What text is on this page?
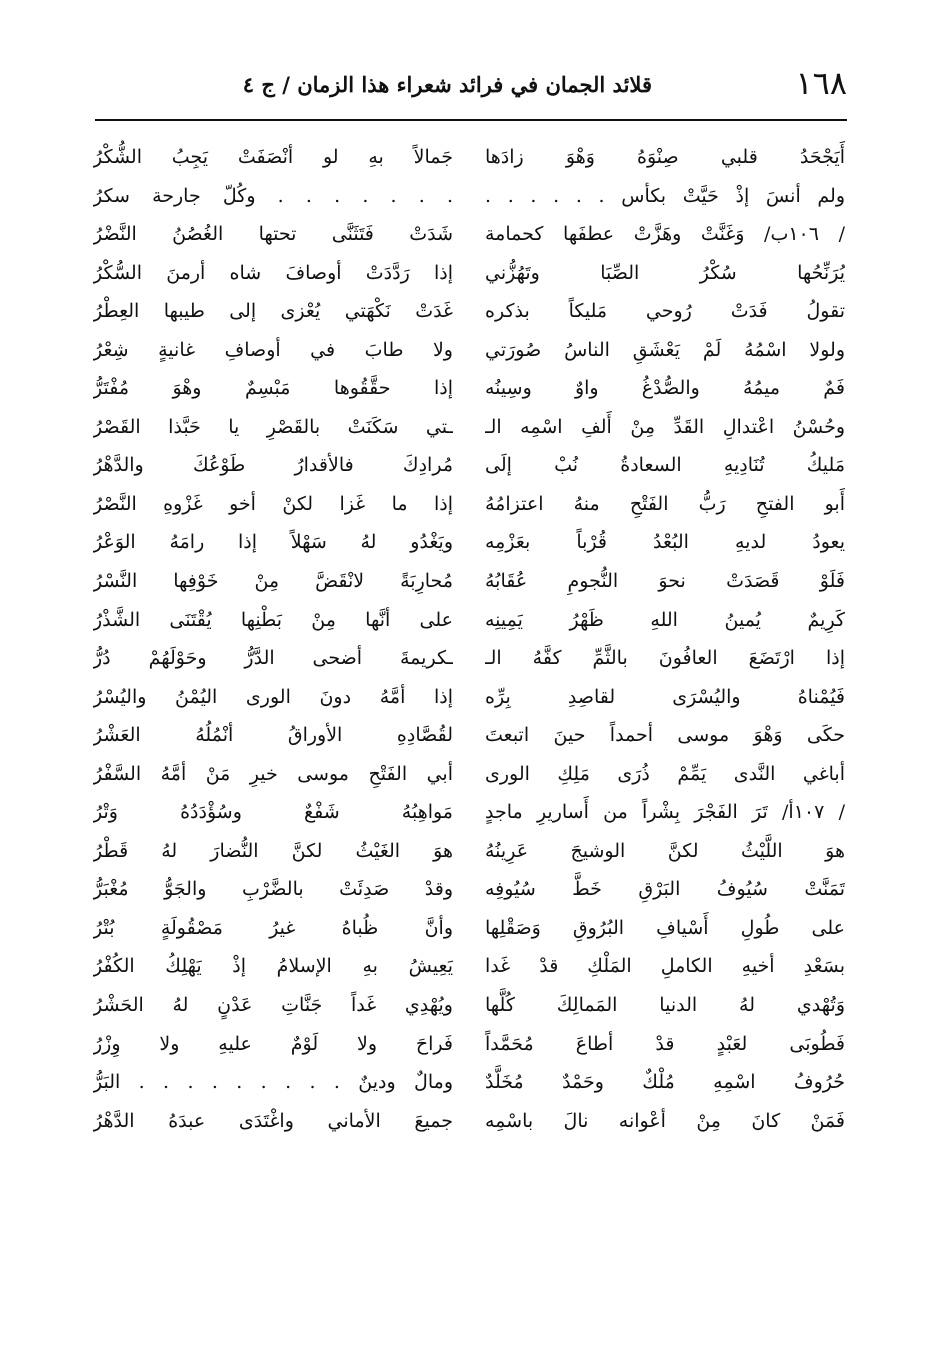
١٦٨
قلائد الجمان في فرائد شعراء هذا الزمان / ج ٤
أَيَجْحَدُ قلبي صِنْوَهُ وَهْوَ زادَها
ولم أنسَ إذْ حَيَّتْ بكأس . . . . . .
/ ١٠٦ب/ وَغَنَّتْ وهَزَّتْ عطفَها كحمامة
يُرَنِّحُها سُكْرُ الصِّبَا وتَهُزُّني
تقولُ فَدَتْ رُوحي مَليكاً بذكره
ولولا اسْمُهُ لَمْ يَعْشَقِ الناسُ صُورَتي
فَمٌ ميمُهُ والصُّدْغُ واوٌ وسِينُه
وحُسْنُ اعْتدالِ القَدِّ مِنْ أَلفِ اسْمِه الـ
مَليكُ تُنَادِيهِ السعادةُ نُبْ إلَى
أَبو الفتحِ رَبُّ الفَتْحِ منهُ اعتزامُهُ
يعودُ لديهِ البُعْدُ قُرْباً بعَزْمِه
فَلَوْ قَصَدَتْ نحوَ النُّجومِ عُقَابُهُ
كَرِيمٌ يُمينُ اللهِ ظَهْرُ يَمِينِه
إذا ارْتَضَعَ العافُونَ بالثَّمِّ كفَّهُ الـ
فَيُمْناهُ واليُسْرَى لقاصِدِ بِرِّه
حكَى وَهْوَ موسى أحمداً حينَ اتبعتَ
أباغي النَّدى يَمِّمْ ذُرَى مَلِكِ الورى
/ ١٠٧أ/ تَرَ الفَجْرَ بِشْراً من أَساريرِ ماجدٍ
هوَ اللَّيْثُ لكنَّ الوشيجَ عَرِينُهُ
تَمَنَّتْ سُيُوفُ البَرْقِ خَطَّ سُيُوفِه
على طُولِ أَسْيافِ البُرُوقِ وَصَقْلِها
بسَعْدِ أخيهِ الكاملِ المَلْكِ قدْ غَدا
وَتُهْدي لهُ الدنيا المَمالِكَ كُلَّها
فَطُوبَى لعَبْدٍ قدْ أطاعَ مُحَمَّداً
حُرُوفُ اسْمِهِ مُلْكٌ وحَمْدٌ مُخَلَّدٌ
فَمَنْ كانَ مِنْ أعْوانه نالَ باسْمِه
جَمالاً بهِ لو أنْصَفَتْ يَجِبُ الشُّكْرُ
. . . . . . . وكُلّ جارحة سكرُ
شَدَتْ فَتَثَنَّى تحتها الغُصُنُ النَّضْرُ
إذا رَدَّدَتْ أوصافَ شاه أرمنَ السُّكْرُ
غَدَتْ نَكْهَتي يُعْزى إلى طيبها العِطْرُ
ولا طابَ في أوصافِ غانيةٍ شِعْرُ
إذا حقَّقُوها مَبْسِمٌ وهْوَ مُفْتَرُّ
ـتي سَكَنَتْ بالقَصْرِ يا حَبَّذا القَصْرُ
مُرادِكَ فالأقدارُ طَوْعُكَ والدَّهْرُ
إذا ما غَزا لكنْ أخو غَزْوهِ النَّصْرُ
ويَغْدُو لهُ سَهْلاً إذا رامَهُ الوَعْرُ
مُحارِبَةً لانْقَضَّ مِنْ خَوْفِها النَّسْرُ
على أنَّها مِنْ بَطْنِها يُقْتَنَى الشَّذْرُ
ـكريمةَ أضحى الدَّرُّ وحَوْلَهُمْ دُرُّ
إذا أمَّهُ دونَ الورى اليُمْنُ واليُسْرُ
لقُصَّادِهِ الأوراقُ أنْمُلُهُ العَشْرُ
أبي الفَتْحِ موسى خيرِ مَنْ أمَّهُ السَّفْرُ
مَواهِبُهُ شَفْعٌ وسُؤْدَدُهُ وَتْرُ
هوَ الغَيْثُ لكنَّ النُّضارَ لهُ قَطْرُ
وقدْ صَدِئَتْ بالضَّرْبِ والجَوُّ مُغْبَرُّ
وأنَّ ظُباهُ غيرُ مَصْقُولَةٍ بُتْرُ
يَعِيشُ بهِ الإسلامُ إذْ يَهْلِكُ الكُفْرُ
ويُهْدِي غَداً جَنَّاتِ عَدْنٍ لهُ الحَشْرُ
فَراحَ ولا لَوْمٌ عليهِ ولا وِزْرُ
ومالٌ ودينٌ . . . . . . . . . البَرُّ
جميعَ الأماني واغْتَدَى عبدَهُ الدَّهْرُ
